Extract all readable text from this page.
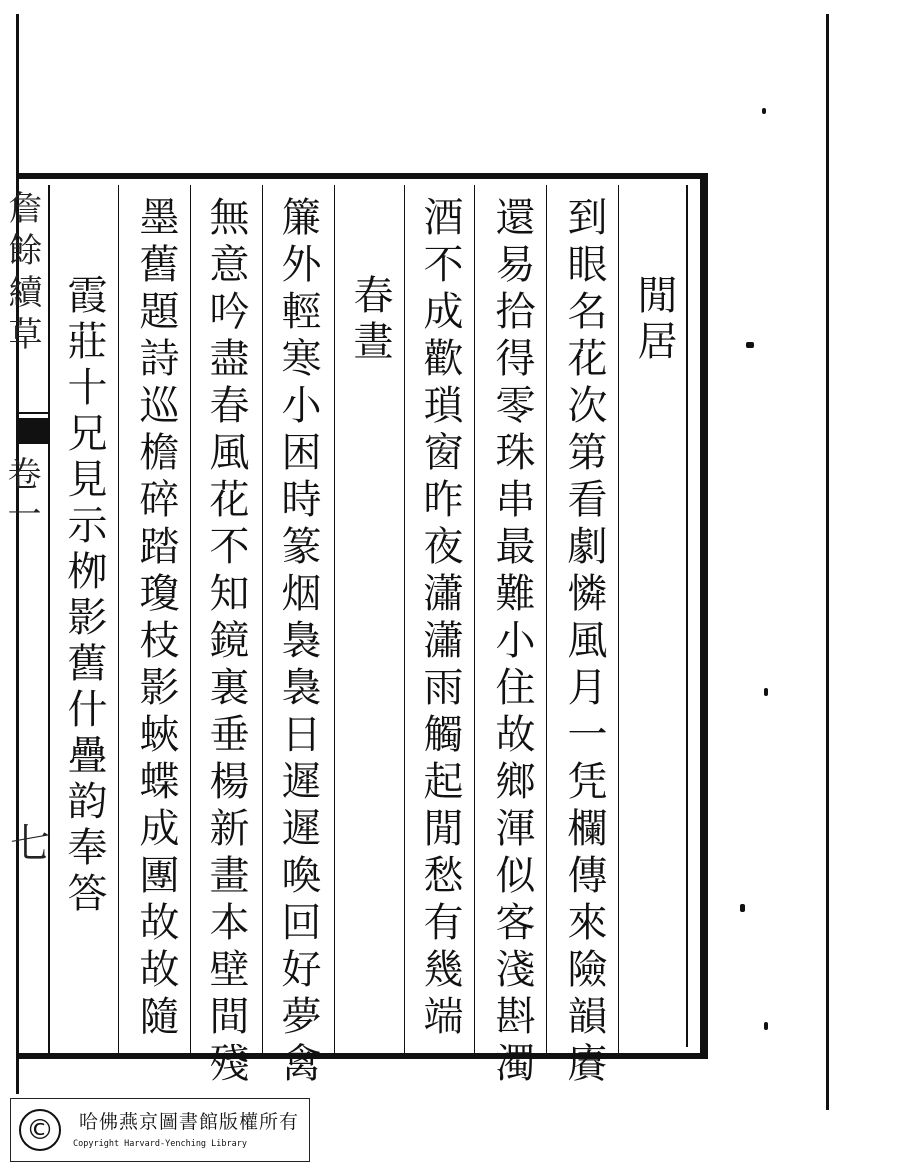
詹餘續草
卷一
七
閒居
到眼名花次第看劇憐風月一凭欄傳來險韻賡
還易拾得零珠串最難小住故鄉渾似客淺斟濁
酒不成歡瑣窗昨夜瀟瀟雨觸起閒愁有幾端
春晝
簾外輕寒小困時篆烟裊裊日遲遲喚回好夢禽
無意吟盡春風花不知鏡裏垂楊新畫本壁間殘
墨舊題詩巡檐碎踏瓊枝影蛺蝶成團故故隨
霞莊十兄見示栁影舊什疊韵奉答
©	哈佛燕京圖書館版權所有
Copyright Harvard-Yenching Library
